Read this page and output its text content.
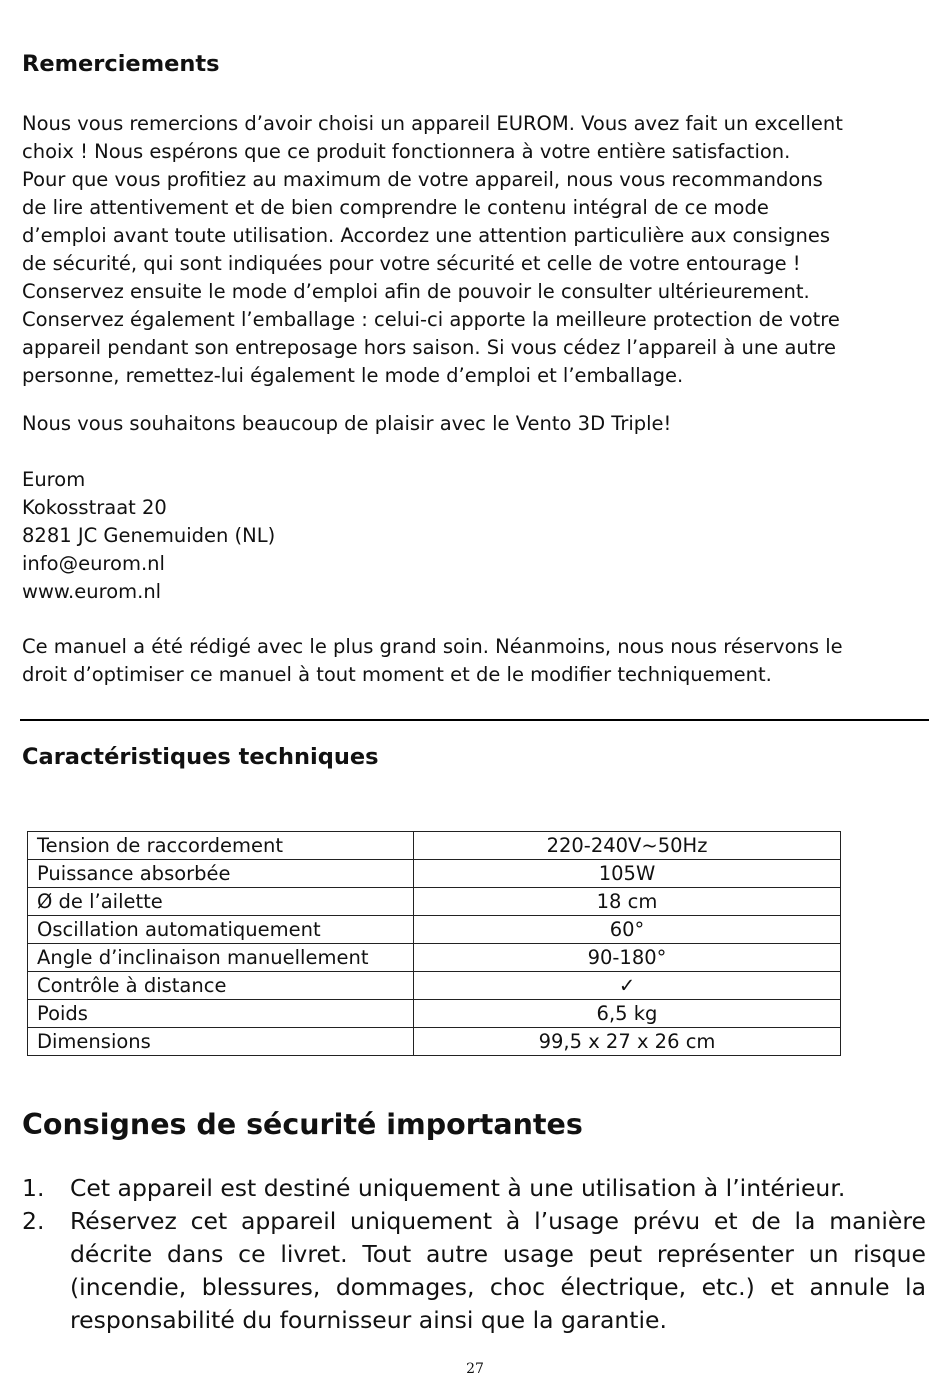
Remerciements
Nous vous remercions d’avoir choisi un appareil EUROM. Vous avez fait un excellent
choix ! Nous espérons que ce produit fonctionnera à votre entière satisfaction.
Pour que vous profitiez au maximum de votre appareil, nous vous recommandons
de lire attentivement et de bien comprendre le contenu intégral de ce mode
d’emploi avant toute utilisation. Accordez une attention particulière aux consignes
de sécurité, qui sont indiquées pour votre sécurité et celle de votre entourage !
Conservez ensuite le mode d’emploi afin de pouvoir le consulter ultérieurement.
Conservez également l’emballage : celui-ci apporte la meilleure protection de votre
appareil pendant son entreposage hors saison. Si vous cédez l’appareil à une autre
personne, remettez-lui également le mode d’emploi et l’emballage.
Nous vous souhaitons beaucoup de plaisir avec le Vento 3D Triple!
Eurom
Kokosstraat 20
8281 JC Genemuiden (NL)
info@eurom.nl
www.eurom.nl
Ce manuel a été rédigé avec le plus grand soin. Néanmoins, nous nous réservons le
droit d’optimiser ce manuel à tout moment et de le modifier techniquement.
Caractéristiques techniques
Tension de raccordement	220-240V~50Hz
Puissance absorbée	105W
Ø de l’ailette	18 cm
Oscillation automatiquement	60°
Angle d’inclinaison manuellement	90-180°
Contrôle à distance	✓
Poids	6,5 kg
Dimensions	99,5 x 27 x 26 cm
Consignes de sécurité importantes
1. Cet appareil est destiné uniquement à une utilisation à l’intérieur.
2. Réservez cet appareil uniquement à l’usage prévu et de la manière
décrite dans ce livret. Tout autre usage peut représenter un risque
(incendie, blessures, dommages, choc électrique, etc.) et annule la
responsabilité du fournisseur ainsi que la garantie.
27
